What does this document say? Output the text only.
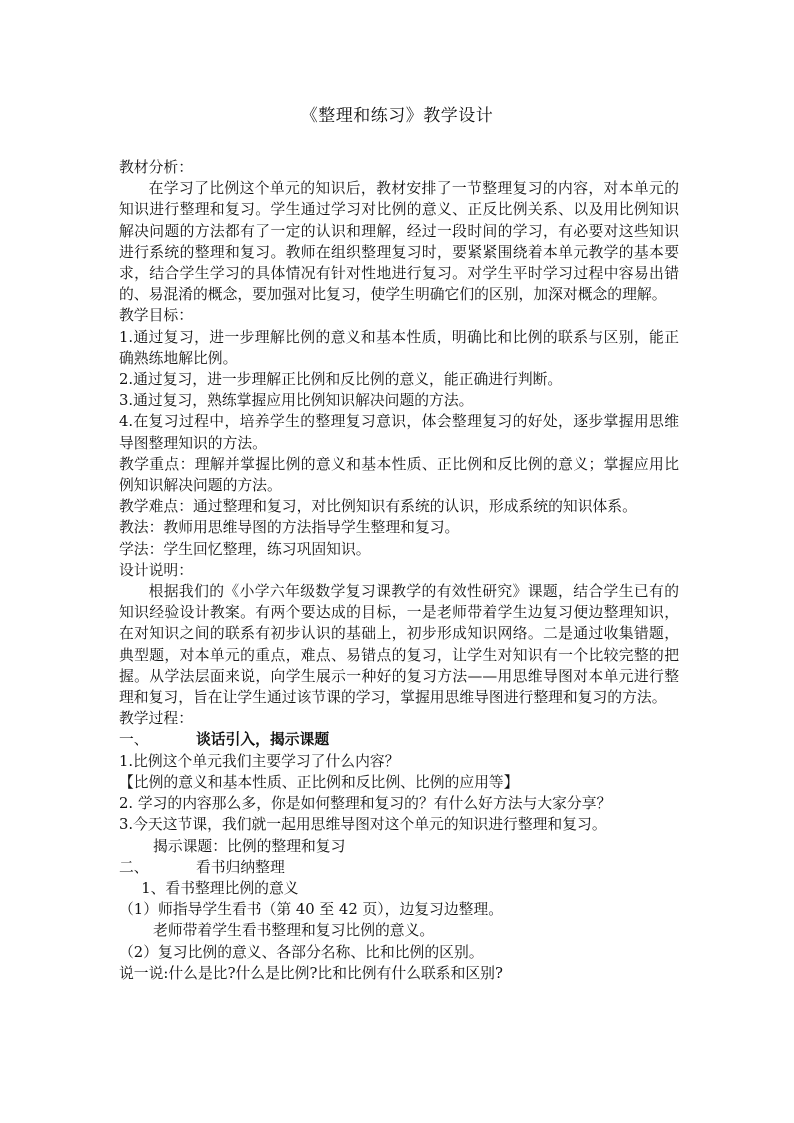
《整理和练习》教学设计

教材分析：

在学习了比例这个单元的知识后，教材安排了一节整理复习的内容，对本单元的知识进行整理和复习。学生通过学习对比例的意义、正反比例关系、以及用比例知识解决问题的方法都有了一定的认识和理解，经过一段时间的学习，有必要对这些知识进行系统的整理和复习。教师在组织整理复习时，要紧紧围绕着本单元教学的基本要求，结合学生学习的具体情况有针对性地进行复习。对学生平时学习过程中容易出错的、易混淆的概念，要加强对比复习，使学生明确它们的区别，加深对概念的理解。

教学目标：

1.通过复习，进一步理解比例的意义和基本性质，明确比和比例的联系与区别，能正确熟练地解比例。

2.通过复习，进一步理解正比例和反比例的意义，能正确进行判断。

3.通过复习，熟练掌握应用比例知识解决问题的方法。

4.在复习过程中，培养学生的整理复习意识，体会整理复习的好处，逐步掌握用思维导图整理知识的方法。

教学重点：理解并掌握比例的意义和基本性质、正比例和反比例的意义；掌握应用比例知识解决问题的方法。

教学难点：通过整理和复习，对比例知识有系统的认识，形成系统的知识体系。

教法：教师用思维导图的方法指导学生整理和复习。

学法：学生回忆整理，练习巩固知识。

设计说明：

根据我们的《小学六年级数学复习课教学的有效性研究》课题，结合学生已有的知识经验设计教案。有两个要达成的目标，一是老师带着学生边复习便边整理知识，在对知识之间的联系有初步认识的基础上，初步形成知识网络。二是通过收集错题，典型题，对本单元的重点，难点、易错点的复习，让学生对知识有一个比较完整的把握。从学法层面来说，向学生展示一种好的复习方法——用思维导图对本单元进行整理和复习，旨在让学生通过该节课的学习，掌握用思维导图进行整理和复习的方法。

教学过程：

一、	谈话引入，揭示课题

1.比例这个单元我们主要学习了什么内容？

【比例的意义和基本性质、正比例和反比例、比例的应用等】

2. 学习的内容那么多，你是如何整理和复习的？有什么好方法与大家分享？

3.今天这节课，我们就一起用思维导图对这个单元的知识进行整理和复习。

揭示课题：比例的整理和复习

二、	看书归纳整理

1、看书整理比例的意义

（1）师指导学生看书（第 40 至 42 页），边复习边整理。

老师带着学生看书整理和复习比例的意义。

（2）复习比例的意义、各部分名称、比和比例的区别。

说一说:什么是比?什么是比例?比和比例有什么联系和区别?
